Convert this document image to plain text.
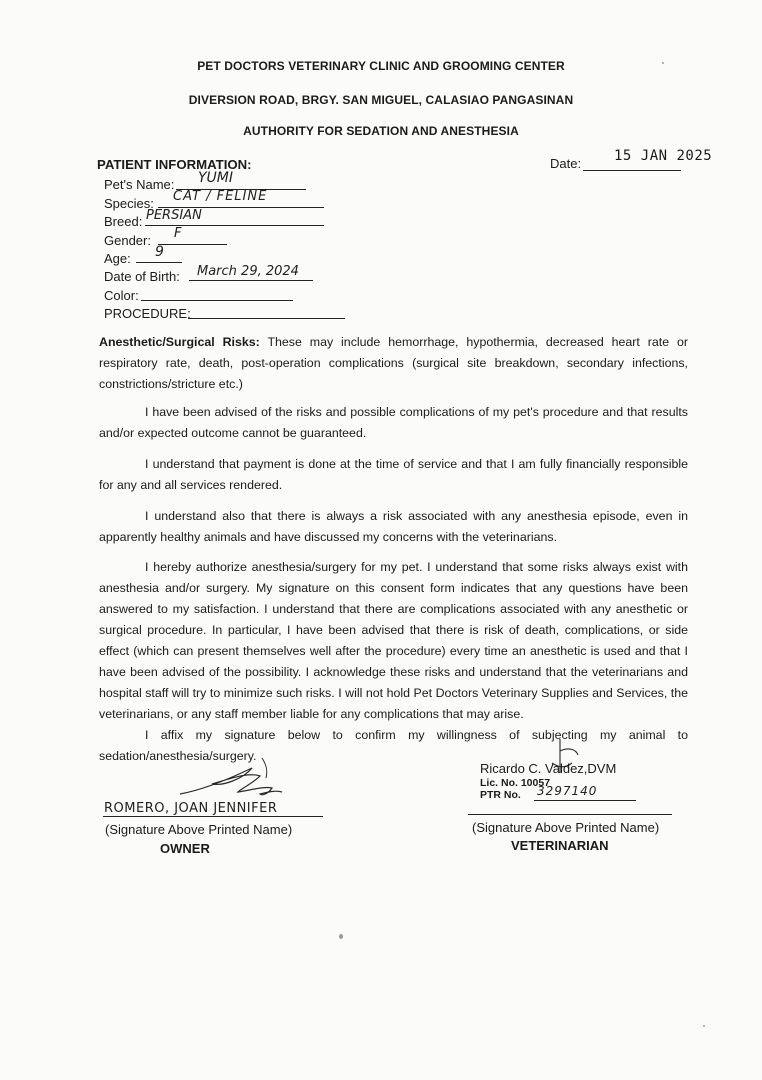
PET DOCTORS VETERINARY CLINIC AND GROOMING CENTER
DIVERSION ROAD, BRGY. SAN MIGUEL, CALASIAO PANGASINAN
AUTHORITY FOR SEDATION AND ANESTHESIA
PATIENT INFORMATION:	Date: 15 JAN 2025
Pet's Name: YUMI
Species: CAT / FELINE
Breed: PERSIAN
Gender: F
Age: 9
Date of Birth: March 29, 2024
Color:
PROCEDURE:
Anesthetic/Surgical Risks: These may include hemorrhage, hypothermia, decreased heart rate or respiratory rate, death, post-operation complications (surgical site breakdown, secondary infections, constrictions/stricture etc.)
I have been advised of the risks and possible complications of my pet's procedure and that results and/or expected outcome cannot be guaranteed.
I understand that payment is done at the time of service and that I am fully financially responsible for any and all services rendered.
I understand also that there is always a risk associated with any anesthesia episode, even in apparently healthy animals and have discussed my concerns with the veterinarians.
I hereby authorize anesthesia/surgery for my pet. I understand that some risks always exist with anesthesia and/or surgery. My signature on this consent form indicates that any questions have been answered to my satisfaction. I understand that there are complications associated with any anesthetic or surgical procedure. In particular, I have been advised that there is risk of death, complications, or side effect (which can present themselves well after the procedure) every time an anesthetic is used and that I have been advised of the possibility. I acknowledge these risks and understand that the veterinarians and hospital staff will try to minimize such risks. I will not hold Pet Doctors Veterinary Supplies and Services, the veterinarians, or any staff member liable for any complications that may arise.
I affix my signature below to confirm my willingness of subjecting my animal to sedation/anesthesia/surgery.
ROMERO, JOAN JENNIFER
(Signature Above Printed Name)
OWNER
Ricardo C. Valdez,DVM
Lic. No. 10057
PTR No. 3297140
(Signature Above Printed Name)
VETERINARIAN
